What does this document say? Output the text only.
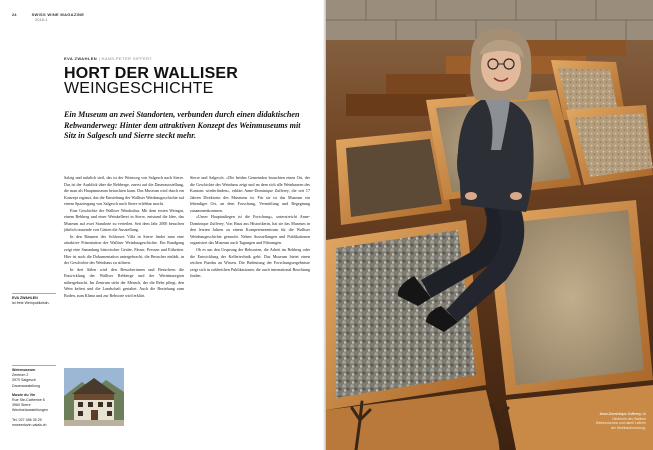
24	SWISS WINE MAGAZINE
2018-1
EVA ZWAHLEN | HANS-PETER SIFFERT
HORT DER WALLISER
WEINGESCHICHTE

Ein Museum an zwei Standorten, verbunden durch einen didaktischen Rebwanderweg: Hinter dem attraktiven Konzept des Weinmuseums mit Sitz in Salgesch und Sierre steckt mehr.

Salzig und nahrlich steil, das ist der Weinweg von Salgesch nach Sierre. Das ist der Ausblick über die Rebberge, zuerst auf die Dauerausstellung, die man als Hauptmuseum betrachten kann. Das Museum wird durch ein Konzept ergänzt, das die Entstehung der Walliser Weinbaugeschichte auf einem Spaziergang von Salgesch nach Sierre erlebbar macht.

Eine Geschichte der Walliser Weinkultur. Mit dem ersten Weingut, einem Rebberg und einer Weinkellerei in Sierre, entstand die Idee, das Museum auf zwei Standorte zu verteilen. Seit dem Jahr 2000 besuchen jährlich tausende von Gästen die Ausstellung.

In den Räumen des Schlosses Villa in Sierre findet man eine attraktive Präsentation der Walliser Weinbaugeschichte. Ein Rundgang zeigt eine Sammlung historischer Geräte, Fässer, Pressen und Etiketten. Hier ist auch die Dokumentation untergebracht, die Besucher einlädt, in der Geschichte des Weinbaus zu stöbern.

In drei Sälen wird den Besucherinnen und Besuchern die Entwicklung der Walliser Rebberge und der Weinbauregion nähergebracht. Im Zentrum steht der Mensch, der die Rebe pflegt, den Wein keltert und die Landschaft gestaltet. Auch die Beziehung zum Boden, zum Klima und zur Rebsorte wird erklärt.

Sierre und Salgesch. »Die beiden Gemeinden brauchten einen Ort, der die Geschichte des Weinbaus zeigt und an dem sich alle Weinbauern des Kantons wiederfinden«, erklärt Anne-Dominique Zufferey, die seit 17 Jahren Direktorin des Museums ist. Für sie ist das Museum ein lebendiger Ort, an dem Forschung, Vermittlung und Begegnung zusammenkommen.

»Unser Hauptanliegen ist die Forschung«, unterstreicht Anne-Dominique Zufferey. Von Haus aus Historikerin, hat sie das Museum in den letzten Jahren zu einem Kompetenzzentrum für die Walliser Weinbaugeschichte gemacht. Neben Ausstellungen und Publikationen organisiert das Museum auch Tagungen und Führungen.

Ob es um den Ursprung der Rebsorten, die Arbeit im Rebberg oder die Entwicklung der Kellertechnik geht: Das Museum bietet einen reichen Fundus an Wissen. Die Bedeutung der Forschungsergebnisse zeigt sich in zahlreichen Publikationen, die auch international Beachtung finden.

EVA ZWAHLEN
ist freie Weinpublizistin.
Weinmuseum
Zentrum 2
3970 Salgesch
Dauerausstellung
Musée du Vin
Rue Ste-Catherine 6
3960 Sierre
Wechselausstellungen
Tel. 027 456 35 25
museeduvin-valais.ch
Anne-Dominique Zufferey, ist Direktorin des Walliser Weinmuseums und damit Leiterin der Weinbauforschung.
